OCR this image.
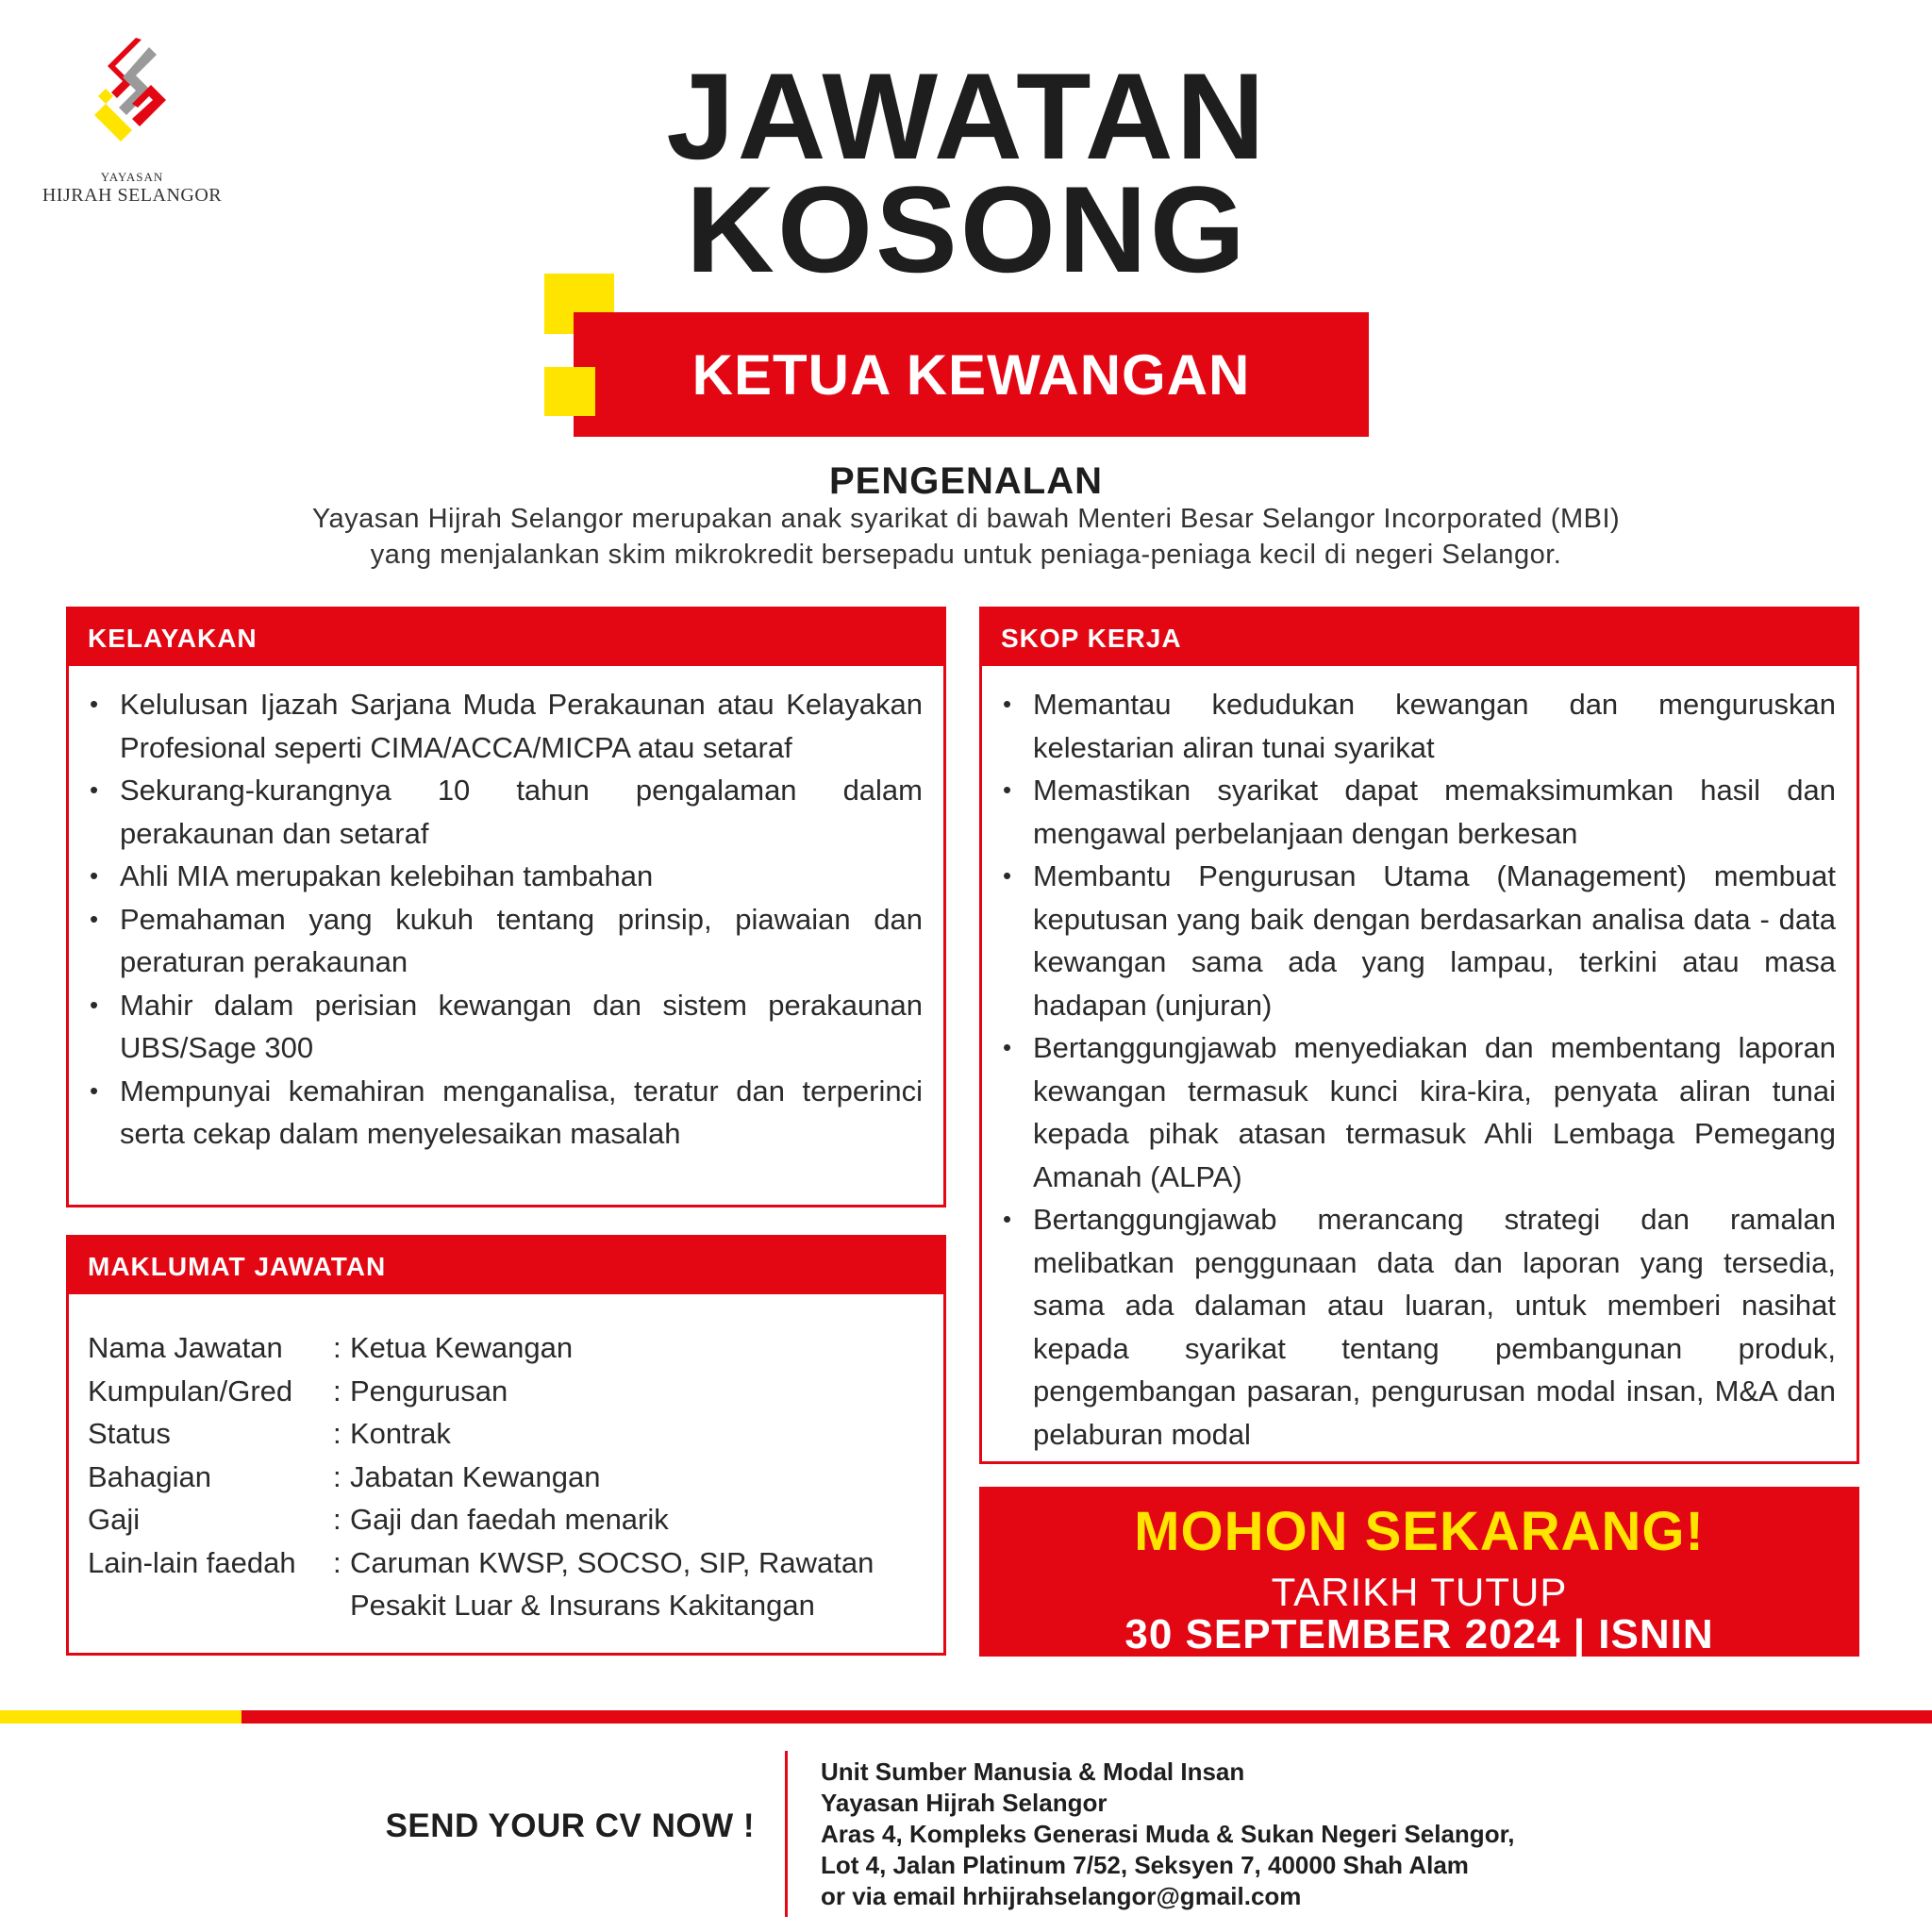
YAYASAN
HIJRAH SELANGOR
JAWATAN
KOSONG
KETUA KEWANGAN
PENGENALAN
Yayasan Hijrah Selangor merupakan anak syarikat di bawah Menteri Besar Selangor Incorporated (MBI)
yang menjalankan skim mikrokredit bersepadu untuk peniaga-peniaga kecil di negeri Selangor.
KELAYAKAN
• Kelulusan Ijazah Sarjana Muda Perakaunan atau Kelayakan Profesional seperti CIMA/ACCA/MICPA atau setaraf
• Sekurang-kurangnya 10 tahun pengalaman dalam perakaunan dan setaraf
• Ahli MIA merupakan kelebihan tambahan
• Pemahaman yang kukuh tentang prinsip, piawaian dan peraturan perakaunan
• Mahir dalam perisian kewangan dan sistem perakaunan UBS/Sage 300
• Mempunyai kemahiran menganalisa, teratur dan terperinci serta cekap dalam menyelesaikan masalah
SKOP KERJA
• Memantau kedudukan kewangan dan menguruskan kelestarian aliran tunai syarikat
• Memastikan syarikat dapat memaksimumkan hasil dan mengawal perbelanjaan dengan berkesan
• Membantu Pengurusan Utama (Management) membuat keputusan yang baik dengan berdasarkan analisa data - data kewangan sama ada yang lampau, terkini atau masa hadapan (unjuran)
• Bertanggungjawab menyediakan dan membentang laporan kewangan termasuk kunci kira-kira, penyata aliran tunai kepada pihak atasan termasuk Ahli Lembaga Pemegang Amanah (ALPA)
• Bertanggungjawab merancang strategi dan ramalan melibatkan penggunaan data dan laporan yang tersedia, sama ada dalaman atau luaran, untuk memberi nasihat kepada syarikat tentang pembangunan produk, pengembangan pasaran, pengurusan modal insan, M&A dan pelaburan modal
MAKLUMAT JAWATAN
Nama Jawatan	: Ketua Kewangan
Kumpulan/Gred	: Pengurusan
Status	: Kontrak
Bahagian	: Jabatan Kewangan
Gaji	: Gaji dan faedah menarik
Lain-lain faedah	: Caruman KWSP, SOCSO, SIP, Rawatan Pesakit Luar & Insurans Kakitangan
MOHON SEKARANG!
TARIKH TUTUP
30 SEPTEMBER 2024 | ISNIN
SEND YOUR CV NOW !
Unit Sumber Manusia & Modal Insan
Yayasan Hijrah Selangor
Aras 4, Kompleks Generasi Muda & Sukan Negeri Selangor,
Lot 4, Jalan Platinum 7/52, Seksyen 7, 40000 Shah Alam
or via email hrhijrahselangor@gmail.com
